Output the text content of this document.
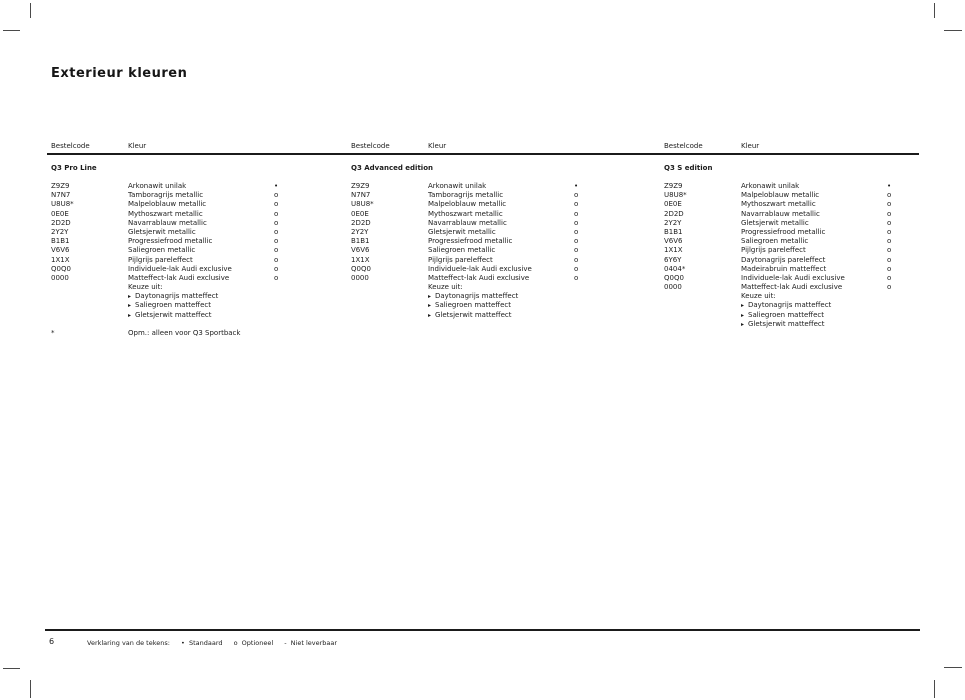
Exterieur kleuren
Bestelcode	Kleur
Q3 Pro Line
Z9Z9	Arkonawit unilak	•
N7N7	Tamboragrijs metallic	o
U8U8*	Malpeloblauw metallic	o
0E0E	Mythoszwart metallic	o
2D2D	Navarrablauw metallic	o
2Y2Y	Gletsjerwit metallic	o
B1B1	Progressiefrood metallic	o
V6V6	Saliegroen metallic	o
1X1X	Pijlgrijs pareleffect	o
Q0Q0	Individuele-lak Audi exclusive	o
0000	Matteffect-lak Audi exclusive	o
Keuze uit:
▸ Daytonagrijs matteffect
▸ Saliegroen matteffect
▸ Gletsjerwit matteffect
*	Opm.: alleen voor Q3 Sportback
Bestelcode	Kleur
Q3 Advanced edition
Z9Z9	Arkonawit unilak	•
N7N7	Tamboragrijs metallic	o
U8U8*	Malpeloblauw metallic	o
0E0E	Mythoszwart metallic	o
2D2D	Navarrablauw metallic	o
2Y2Y	Gletsjerwit metallic	o
B1B1	Progressiefrood metallic	o
V6V6	Saliegroen metallic	o
1X1X	Pijlgrijs pareleffect	o
Q0Q0	Individuele-lak Audi exclusive	o
0000	Matteffect-lak Audi exclusive	o
Keuze uit:
▸ Daytonagrijs matteffect
▸ Saliegroen matteffect
▸ Gletsjerwit matteffect
Bestelcode	Kleur
Q3 S edition
Z9Z9	Arkonawit unilak	•
U8U8*	Malpeloblauw metallic	o
0E0E	Mythoszwart metallic	o
2D2D	Navarrablauw metallic	o
2Y2Y	Gletsjerwit metallic	o
B1B1	Progressiefrood metallic	o
V6V6	Saliegroen metallic	o
1X1X	Pijlgrijs pareleffect	o
6Y6Y	Daytonagrijs pareleffect	o
0404*	Madeirabruin matteffect	o
Q0Q0	Individuele-lak Audi exclusive	o
0000	Matteffect-lak Audi exclusive	o
Keuze uit:
▸ Daytonagrijs matteffect
▸ Saliegroen matteffect
▸ Gletsjerwit matteffect
6	Verklaring van de tekens: • Standaard o Optioneel - Niet leverbaar
